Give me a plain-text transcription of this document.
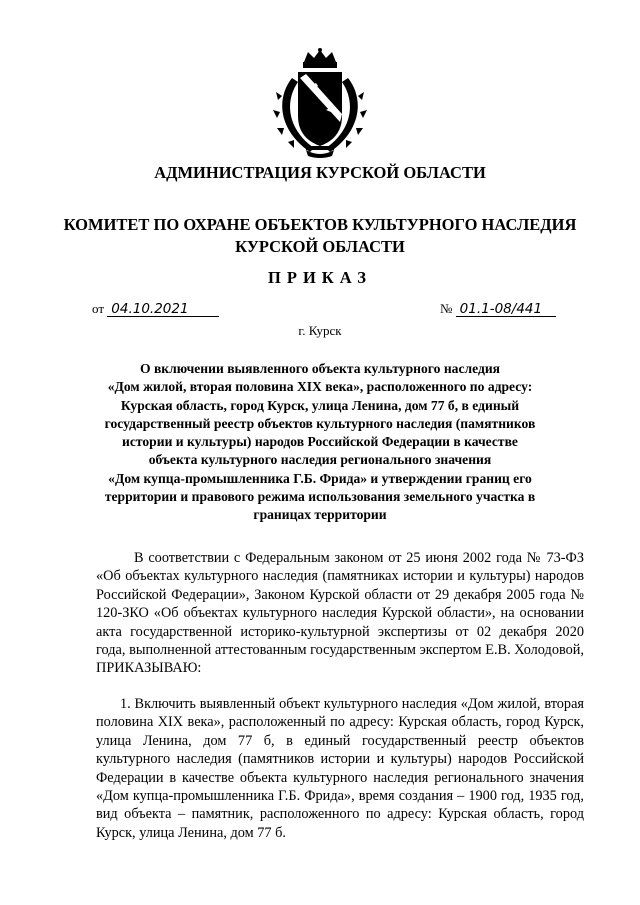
АДМИНИСТРАЦИЯ КУРСКОЙ ОБЛАСТИ
КОМИТЕТ ПО ОХРАНЕ ОБЪЕКТОВ КУЛЬТУРНОГО НАСЛЕДИЯ
КУРСКОЙ ОБЛАСТИ
ПРИКАЗ
от 04.10.2021	№ 01.1-08/441
г. Курск
О включении выявленного объекта культурного наследия
«Дом жилой, вторая половина XIX века», расположенного по адресу:
Курская область, город Курск, улица Ленина, дом 77 б, в единый
государственный реестр объектов культурного наследия (памятников
истории и культуры) народов Российской Федерации в качестве
объекта культурного наследия регионального значения
«Дом купца-промышленника Г.Б. Фрида» и утверждении границ его
территории и правового режима использования земельного участка в
границах территории
В соответствии с Федеральным законом от 25 июня 2002 года № 73-ФЗ «Об объектах культурного наследия (памятниках истории и культуры) народов Российской Федерации», Законом Курской области от 29 декабря 2005 года № 120-ЗКО «Об объектах культурного наследия Курской области», на основании акта государственной историко-культурной экспертизы от 02 декабря 2020 года, выполненной аттестованным государственным экспертом Е.В. Холодовой, ПРИКАЗЫВАЮ:
1. Включить выявленный объект культурного наследия «Дом жилой, вторая половина XIX века», расположенный по адресу: Курская область, город Курск, улица Ленина, дом 77 б, в единый государственный реестр объектов культурного наследия (памятников истории и культуры) народов Российской Федерации в качестве объекта культурного наследия регионального значения «Дом купца-промышленника Г.Б. Фрида», время создания – 1900 год, 1935 год, вид объекта – памятник, расположенного по адресу: Курская область, город Курск, улица Ленина, дом 77 б.
